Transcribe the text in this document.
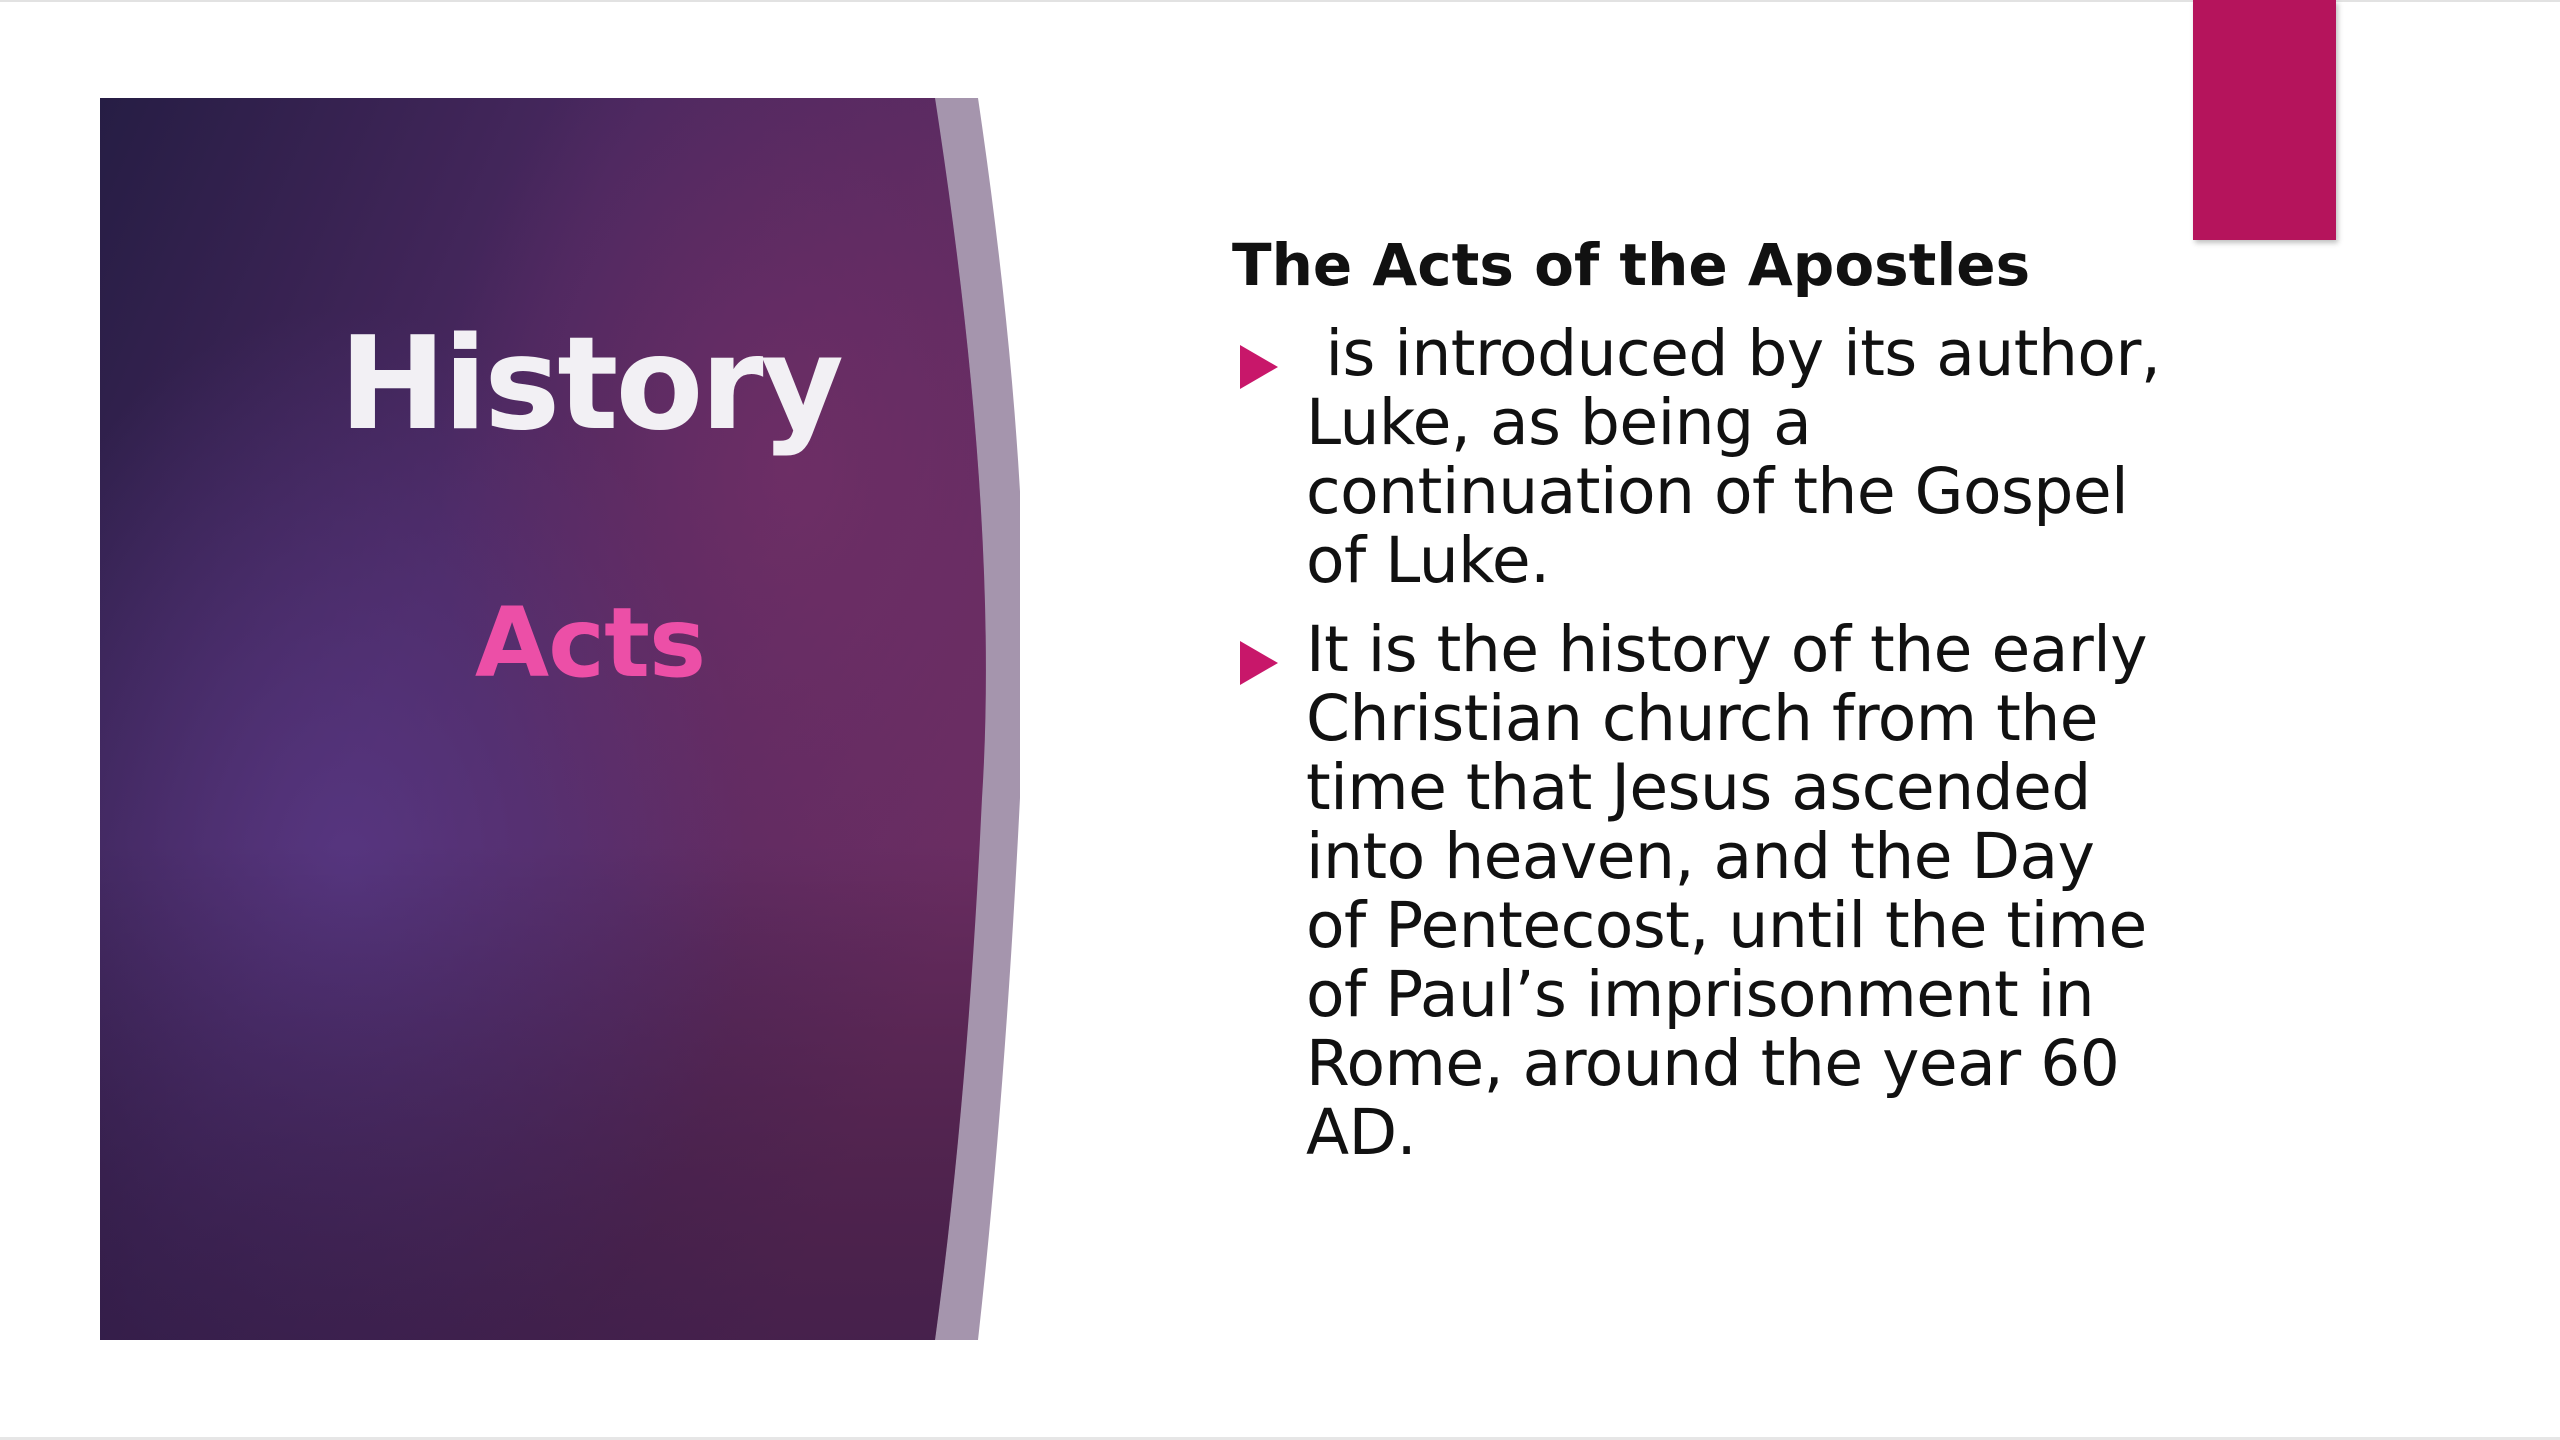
History
Acts
The Acts of the Apostles
is introduced by its author,
Luke, as being a
continuation of the Gospel
of Luke.
It is the history of the early
Christian church from the
time that Jesus ascended
into heaven, and the Day
of Pentecost, until the time
of Paul’s imprisonment in
Rome, around the year 60
AD.
